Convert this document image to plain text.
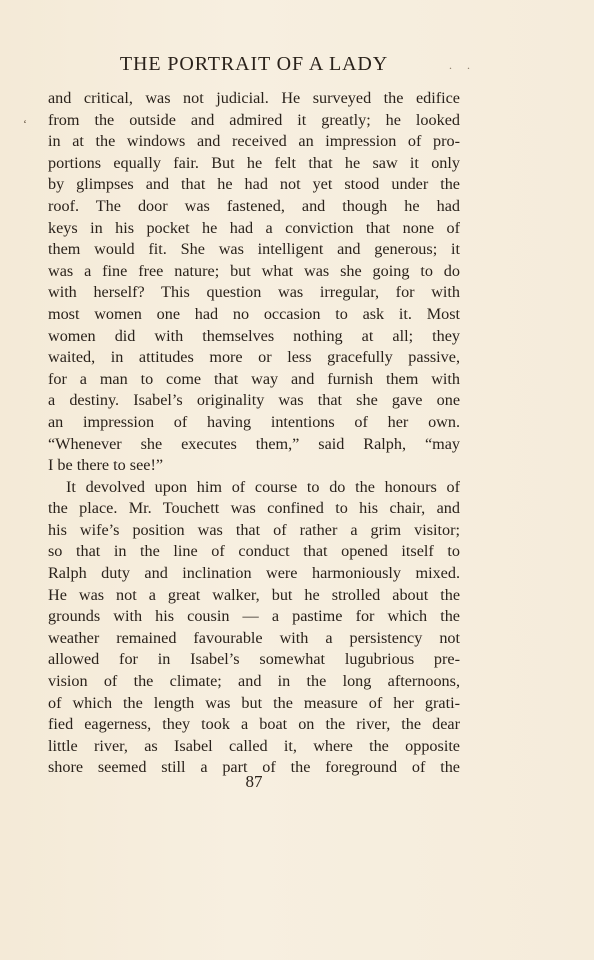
THE PORTRAIT OF A LADY	. .
‘
and critical, was not judicial. He surveyed the edifice
from the outside and admired it greatly; he looked
in at the windows and received an impression of pro-
portions equally fair. But he felt that he saw it only
by glimpses and that he had not yet stood under the
roof. The door was fastened, and though he had
keys in his pocket he had a conviction that none of
them would fit. She was intelligent and generous; it
was a fine free nature; but what was she going to do
with herself? This question was irregular, for with
most women one had no occasion to ask it. Most
women did with themselves nothing at all; they
waited, in attitudes more or less gracefully passive,
for a man to come that way and furnish them with
a destiny. Isabel’s originality was that she gave one
an impression of having intentions of her own.
“Whenever she executes them,” said Ralph, “may
I be there to see!”
It devolved upon him of course to do the honours of
the place. Mr. Touchett was confined to his chair, and
his wife’s position was that of rather a grim visitor;
so that in the line of conduct that opened itself to
Ralph duty and inclination were harmoniously mixed.
He was not a great walker, but he strolled about the
grounds with his cousin — a pastime for which the
weather remained favourable with a persistency not
allowed for in Isabel’s somewhat lugubrious pre-
vision of the climate; and in the long afternoons,
of which the length was but the measure of her grati-
fied eagerness, they took a boat on the river, the dear
little river, as Isabel called it, where the opposite
shore seemed still a part of the foreground of the
87
